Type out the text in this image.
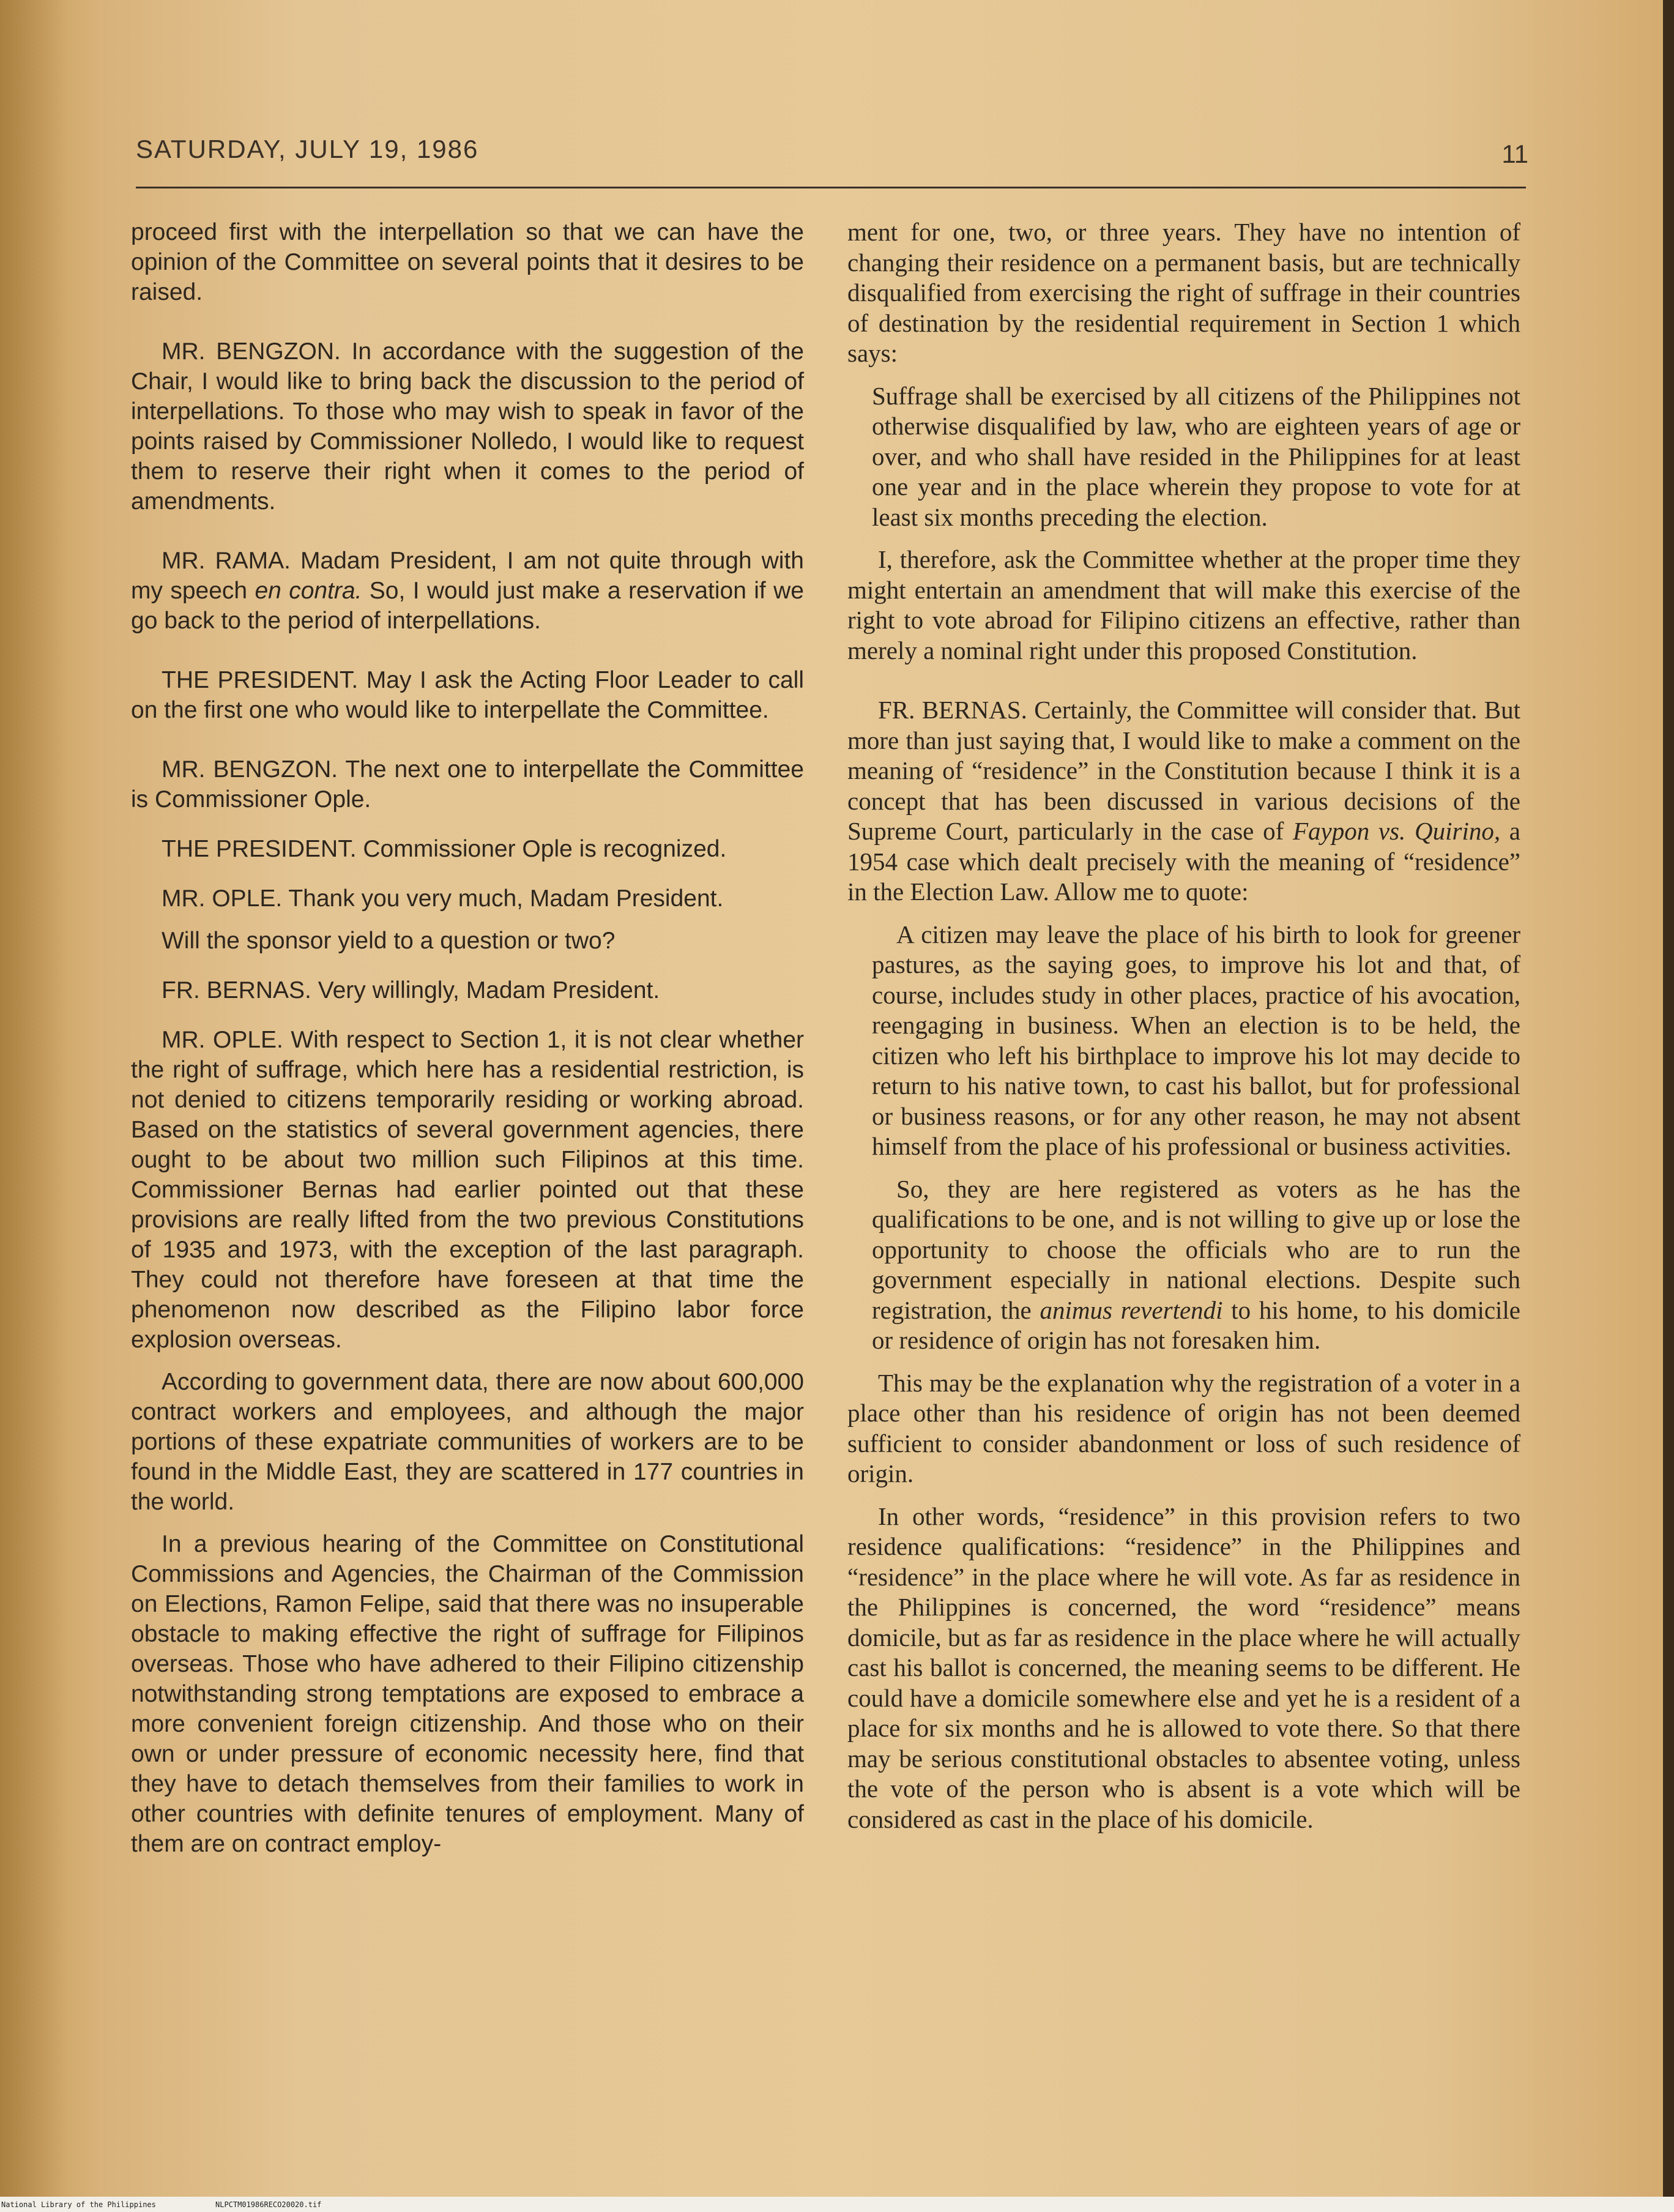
SATURDAY, JULY 19, 1986	11

proceed first with the interpellation so that we can have the opinion of the Committee on several points that it desires to be raised.

MR. BENGZON. In accordance with the suggestion of the Chair, I would like to bring back the discussion to the period of interpellations. To those who may wish to speak in favor of the points raised by Commissioner Nolledo, I would like to request them to reserve their right when it comes to the period of amendments.

MR. RAMA. Madam President, I am not quite through with my speech en contra. So, I would just make a reservation if we go back to the period of interpellations.

THE PRESIDENT. May I ask the Acting Floor Leader to call on the first one who would like to interpellate the Committee.

MR. BENGZON. The next one to interpellate the Committee is Commissioner Ople.

THE PRESIDENT. Commissioner Ople is recognized.

MR. OPLE. Thank you very much, Madam President.

Will the sponsor yield to a question or two?

FR. BERNAS. Very willingly, Madam President.

MR. OPLE. With respect to Section 1, it is not clear whether the right of suffrage, which here has a residential restriction, is not denied to citizens temporarily residing or working abroad. Based on the statistics of several government agencies, there ought to be about two million such Filipinos at this time. Commissioner Bernas had earlier pointed out that these provisions are really lifted from the two previous Constitutions of 1935 and 1973, with the exception of the last paragraph. They could not therefore have foreseen at that time the phenomenon now described as the Filipino labor force explosion overseas.

According to government data, there are now about 600,000 contract workers and employees, and although the major portions of these expatriate communities of workers are to be found in the Middle East, they are scattered in 177 countries in the world.

In a previous hearing of the Committee on Constitutional Commissions and Agencies, the Chairman of the Commission on Elections, Ramon Felipe, said that there was no insuperable obstacle to making effective the right of suffrage for Filipinos overseas. Those who have adhered to their Filipino citizenship notwithstanding strong temptations are exposed to embrace a more convenient foreign citizenship. And those who on their own or under pressure of economic necessity here, find that they have to detach themselves from their families to work in other countries with definite tenures of employment. Many of them are on contract employ-

ment for one, two, or three years. They have no intention of changing their residence on a permanent basis, but are technically disqualified from exercising the right of suffrage in their countries of destination by the residential requirement in Section 1 which says:

Suffrage shall be exercised by all citizens of the Philippines not otherwise disqualified by law, who are eighteen years of age or over, and who shall have resided in the Philippines for at least one year and in the place wherein they propose to vote for at least six months preceding the election.

I, therefore, ask the Committee whether at the proper time they might entertain an amendment that will make this exercise of the right to vote abroad for Filipino citizens an effective, rather than merely a nominal right under this proposed Constitution.

FR. BERNAS. Certainly, the Committee will consider that. But more than just saying that, I would like to make a comment on the meaning of “residence” in the Constitution because I think it is a concept that has been discussed in various decisions of the Supreme Court, particularly in the case of Faypon vs. Quirino, a 1954 case which dealt precisely with the meaning of “residence” in the Election Law. Allow me to quote:

A citizen may leave the place of his birth to look for greener pastures, as the saying goes, to improve his lot and that, of course, includes study in other places, practice of his avocation, reengaging in business. When an election is to be held, the citizen who left his birthplace to improve his lot may decide to return to his native town, to cast his ballot, but for professional or business reasons, or for any other reason, he may not absent himself from the place of his professional or business activities.

So, they are here registered as voters as he has the qualifications to be one, and is not willing to give up or lose the opportunity to choose the officials who are to run the government especially in national elections. Despite such registration, the animus revertendi to his home, to his domicile or residence of origin has not foresaken him.

This may be the explanation why the registration of a voter in a place other than his residence of origin has not been deemed sufficient to consider abandonment or loss of such residence of origin.

In other words, “residence” in this provision refers to two residence qualifications: “residence” in the Philippines and “residence” in the place where he will vote. As far as residence in the Philippines is concerned, the word “residence” means domicile, but as far as residence in the place where he will actually cast his ballot is concerned, the meaning seems to be different. He could have a domicile somewhere else and yet he is a resident of a place for six months and he is allowed to vote there. So that there may be serious constitutional obstacles to absentee voting, unless the vote of the person who is absent is a vote which will be considered as cast in the place of his domicile.

National Library of the Philippines	NLPCTM01986RECO20020.tif
